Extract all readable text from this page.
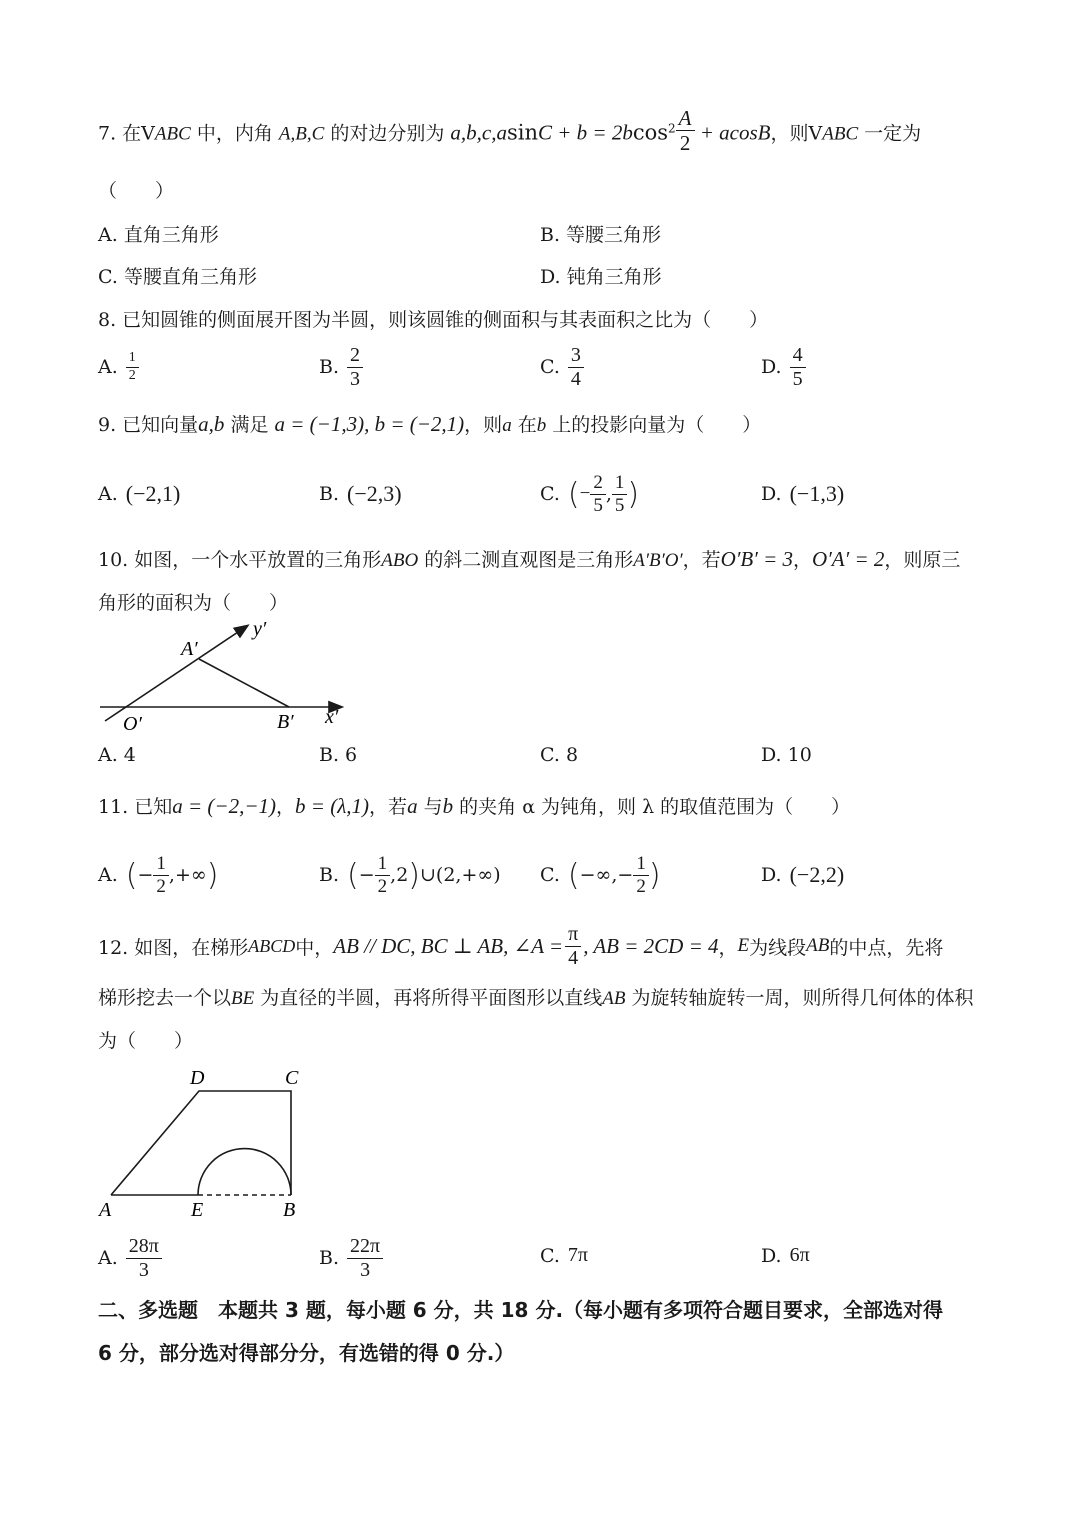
7. 在VABC 中，内角 A,B,C 的对边分别为 $a,b,c,asinC + b = 2bcos^2 \frac{A}{2} + acosB$，则VABC 一定为
（　　）
A. 直角三角形	B. 等腰三角形
C. 等腰直角三角形	D. 钝角三角形
8. 已知圆锥的侧面展开图为半圆，则该圆锥的侧面积与其表面积之比为（　　）
A. $\frac{1}{2}$	B. $\frac{2}{3}$	C. $\frac{3}{4}$	D. $\frac{4}{5}$
9. 已知向量a,b 满足 a = (−1,3), b = (−2,1)，则a 在b 上的投影向量为（　　）
A. (−2,1)	B. (−2,3)	C. ( − $\frac{2}{5}$ , $\frac{1}{5}$ )	D. (−1,3)
10. 如图，一个水平放置的三角形ABO 的斜二测直观图是三角形A′B′O′，若O′B′ = 3，O′A′ = 2，则原三
角形的面积为（　　）
y′
A′
O′	B′ x′
A. 4	B. 6	C. 8	D. 10
11. 已知a = (−2,−1)，b = (λ,1)，若a 与b 的夹角 α 为钝角，则 λ 的取值范围为（　　）
A. ( − $\frac{1}{2}$ ,+∞ )	B. ( − $\frac{1}{2} ,2$ ) ∪(2,+∞) C. ( −∞,− $\frac{1}{2}$ )	D. (−2,2)
12. 如图，在梯形 ABCD 中， AB // DC, BC ⊥ AB, ∠A = $\frac{\pi}{4}$ , AB = 2CD = 4 ， E 为线段 AB 的中点，先将
梯形挖去一个以BE 为直径的半圆，再将所得平面图形以直线AB 为旋转轴旋转一周，则所得几何体的体积
为（　　）
D	C
A	E	B
A. $\frac{28\pi}{3}$	B. $\frac{22\pi}{3}$	C. 7π	D. 6π
二、多选题　本题共 3 题，每小题 6 分，共 18 分.（每小题有多项符合题目要求，全部选对得
6 分，部分选对得部分分，有选错的得 0 分.）
